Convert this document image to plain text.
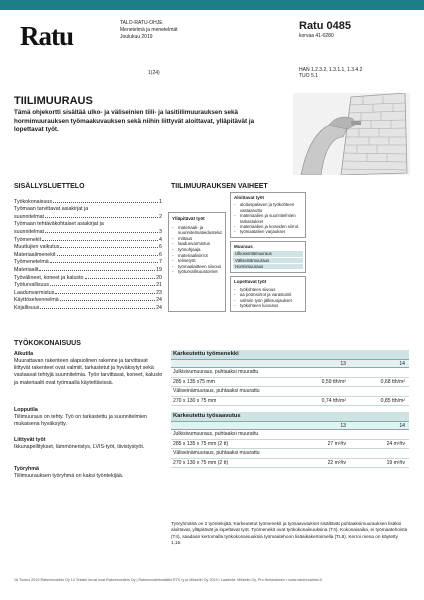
Ratu	TALO-RATU-OHJE
Menetelmä ja menetelmät
Joulukuu 2019
Ratu 0485
korvaa 41-0280
1(24)	HAN 1.2.3.2, 1.3.1.1, 1.3.4.2
TUO 5.1
TIILIMUURAUS
Tämä ohjekortti sisältää ulko- ja väliseinien tiili- ja lasitiilimuurauksen sekä hormimuurauksen työmaakuvauksen sekä niihin liittyvät aloittavat, ylläpitävät ja lopettavat työt.
SISÄLLYSLUETTELO	TIILIMUURAUKSEN VAIHEET
Työkokonaisuus	1
Työmaan tarvittavat asiakirjat ja
suunnitelmat	2
Työmaan tehtäväkohtaiset asiakirjat ja
suunnitelmat	3
Työmenekit	4
Muuttujien vaikutus	6
Materiaalimenekit	6
Työmenetelmä	7
Materiaalit	19
Työvälineet, koneet ja kalusto	20
Työturvallisuus	21
Laadunvarmistus	23
Käyttöselvennelmä	24
Kirjallisuus	24
Ylläpitävät työt
- materiaali- ja suunnitelmatiedustelut
- mittaus
- laadunvarmistus
- työnohjaaja
- materiaalisiirrot
- telinetyöt
- työmaalaitteen siivous
- työturvallisuustoimet
Aloittavat työt
- aloituspalaveri ja työkohteen vastaanotto
- materiaalien ja suunnitelmien tarkastukset
- materiaalien ja koneiden siirrot
- työmaatalien varjaukset
Muuraus
Ulkoseintämuuraus
Väliseinämuuraus
Hormimuuraus
Lopettavat työt
- työkohteen siivous
- aa pöönsiirrot ja varastointi
- valmiin työn jälkisuojaukset
- työkohteen luovutus
TYÖKOKONAISUUS
Aikutila
Muurattavan rakenteen alapuolinen rakenne ja tarvittavat liittyvät rakenteet ovat valmiit, tarkastetut ja hyväksytyt sekä vastaavat tehtyjä suunnitelmia. Työn tarvittavat, koneet, kalusto ja materiaalit ovat työmaalla käytettävissä.
Lopputila
Tiilimuuraus on tehty. Työ on tarkastettu ja suunnitelmien mukaisena hyväksytty.
Liittyvät työt
Ikkunapellitykset, lämmöneristys, LVIS-työt, tiivistystyöt.
Työryhmä
Tiilimuurauksen työryhmä on kaksi työntekijää.
Karkeutettu työmenekki
13	14
Julkisivumuuraus, puhtaaksi muurattu
285 x 135 x75 mm	0,59 tth/m²	0,68 tth/m²
Väliseinämuuraus, puhtaaksi muurattu
270 x 130 x 75 mm	0,74 tth/m²	0,85 tth/m²
Karkeutettu työsaavutus
13	14
Julkisivumuuraus, puhtaaksi muurattu
285 x 135 x 75 mm (2 tt)	27 m²/tv	24 m²/tv
Väliseinämuuraus, puhtaaksi muurattu
270 x 130 x 75 mm (2 tt)	22 m²/tv	19 m²/tv
Työryhmänä on 2 työntekijää. Karkeutetut työmenekit ja työsaavutukset sisältävät puhtaaksimuurauksen lisäksi aloittavat, ylläpitävät ja lopettavat työt. Työmenekit ovat työkokonaisuuksina (T4). Kokonaisaika, ei työmaatehoista (T4), saadaan kertomalla työkokonaisuuksia työmaatehoon lisäaikakertoimella (TL8). Kerroi mena on käytetty 1,15.
16 Tuotus 2019 Rakennustieto Oy 10 Tekstin kuvat ovat Rakennustieto Oy | Rakennustietosäätiö RTS ry ja Mikkelin Oy 2019 • Laadinta: Mikkelin Oy, Pro Hiekkalanen • www.rakennustieto.fi
